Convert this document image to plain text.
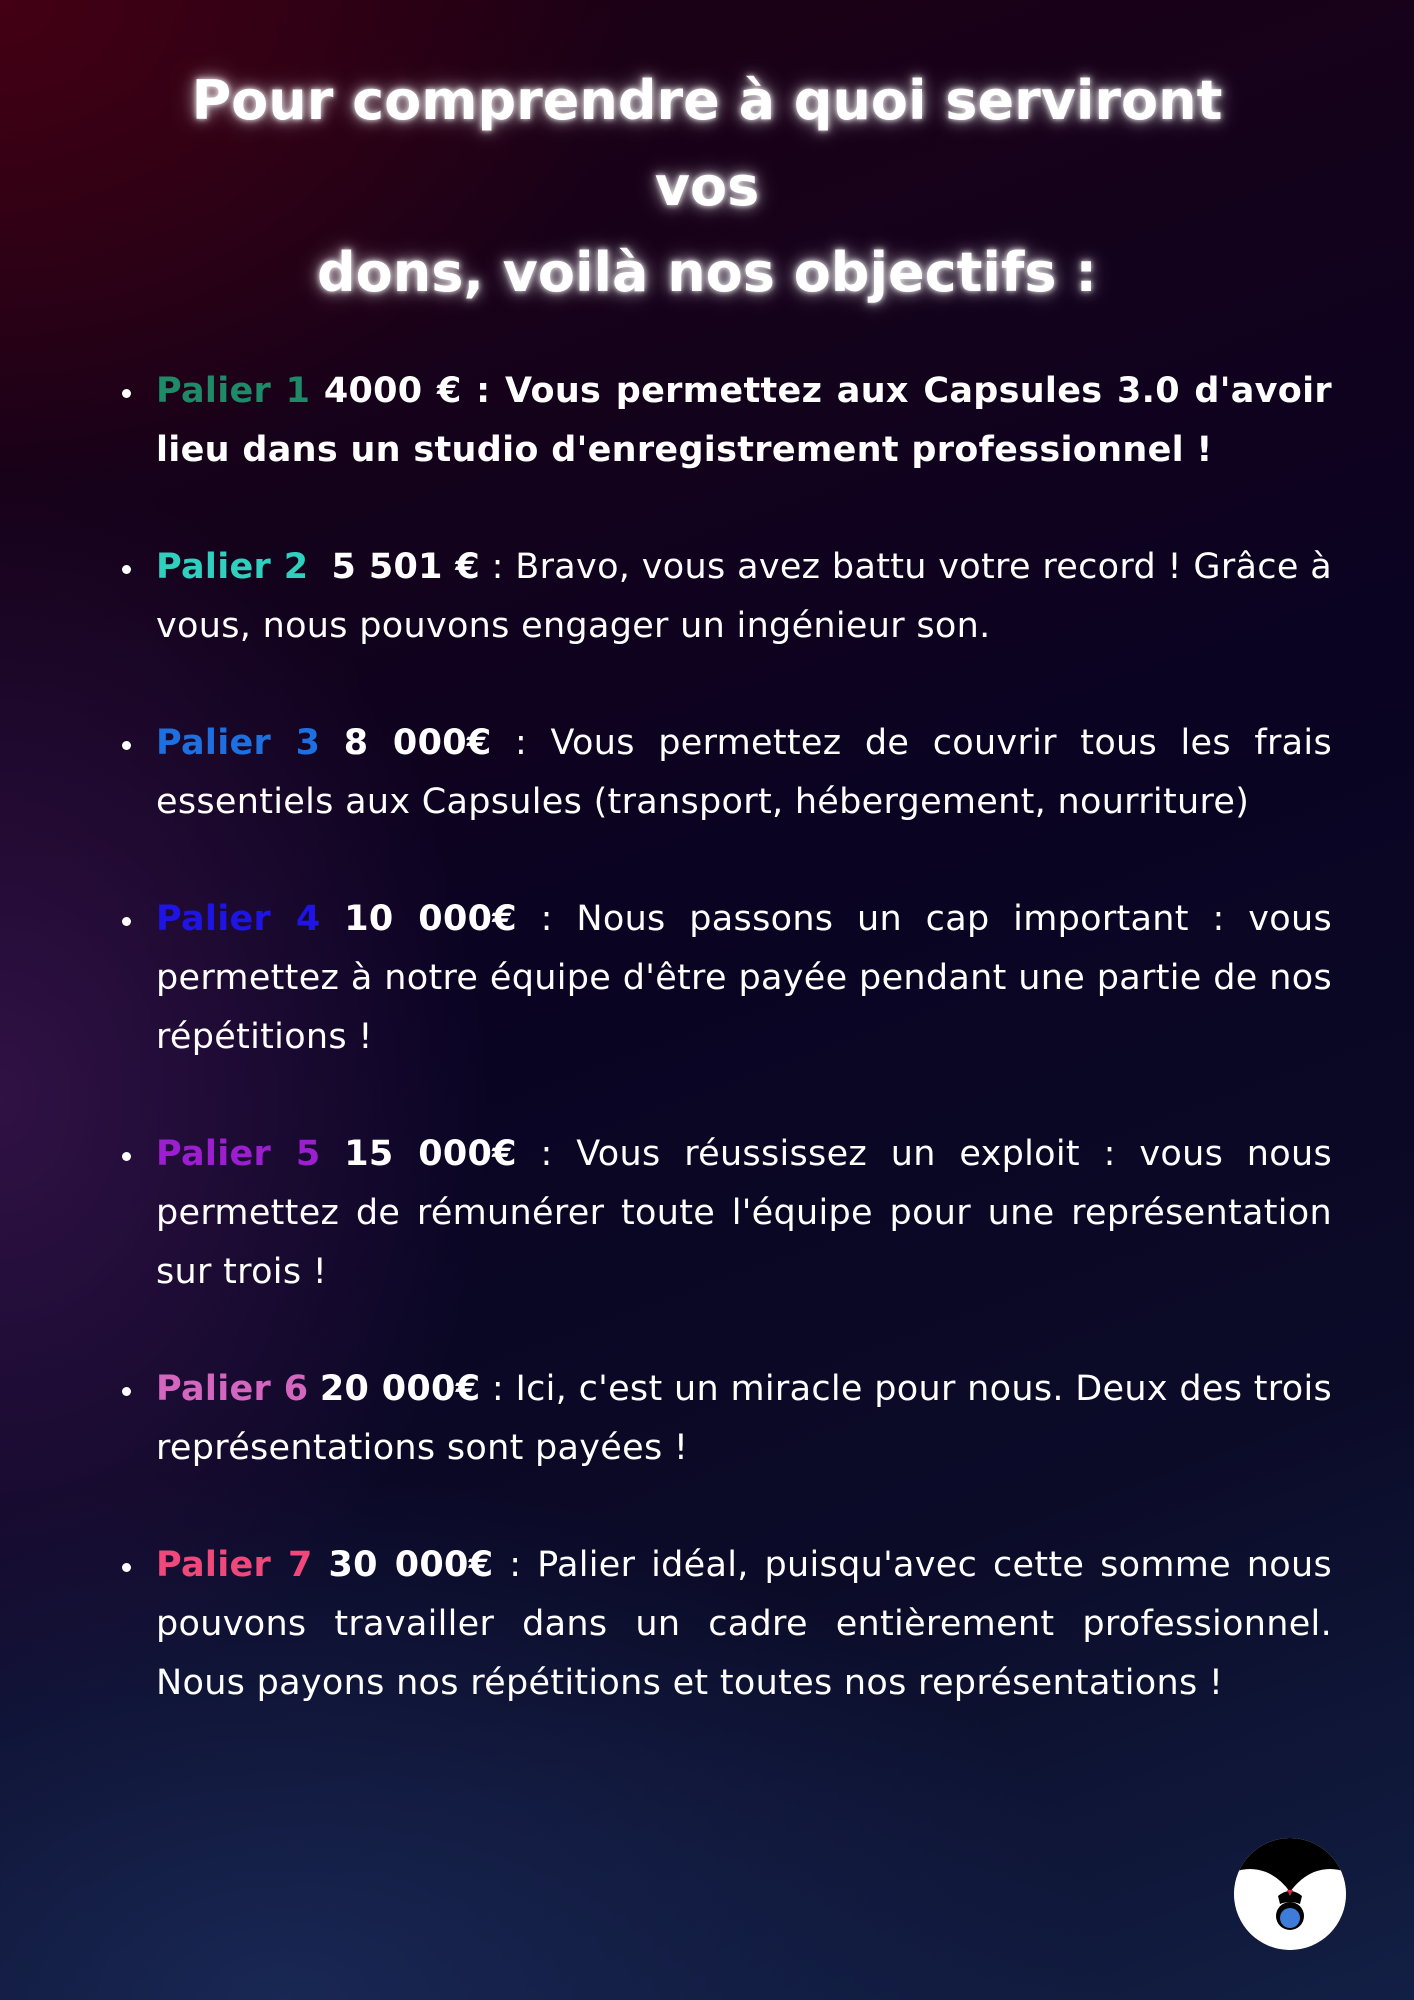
Pour comprendre à quoi serviront vos
dons, voilà nos objectifs :
Palier 1 4000 € : Vous permettez aux Capsules 3.0 d'avoir lieu dans un studio d'enregistrement professionnel !
Palier 2 5 501 € : Bravo, vous avez battu votre record ! Grâce à vous, nous pouvons engager un ingénieur son.
Palier 3 8 000€ : Vous permettez de couvrir tous les frais essentiels aux Capsules (transport, hébergement, nourriture)
Palier 4 10 000€ : Nous passons un cap important : vous permettez à notre équipe d'être payée pendant une partie de nos répétitions !
Palier 5 15 000€ : Vous réussissez un exploit : vous nous permettez de rémunérer toute l'équipe pour une représentation sur trois !
Palier 6 20 000€ : Ici, c'est un miracle pour nous. Deux des trois représentations sont payées !
Palier 7 30 000€ : Palier idéal, puisqu'avec cette somme nous pouvons travailler dans un cadre entièrement professionnel. Nous payons nos répétitions et toutes nos représentations !
